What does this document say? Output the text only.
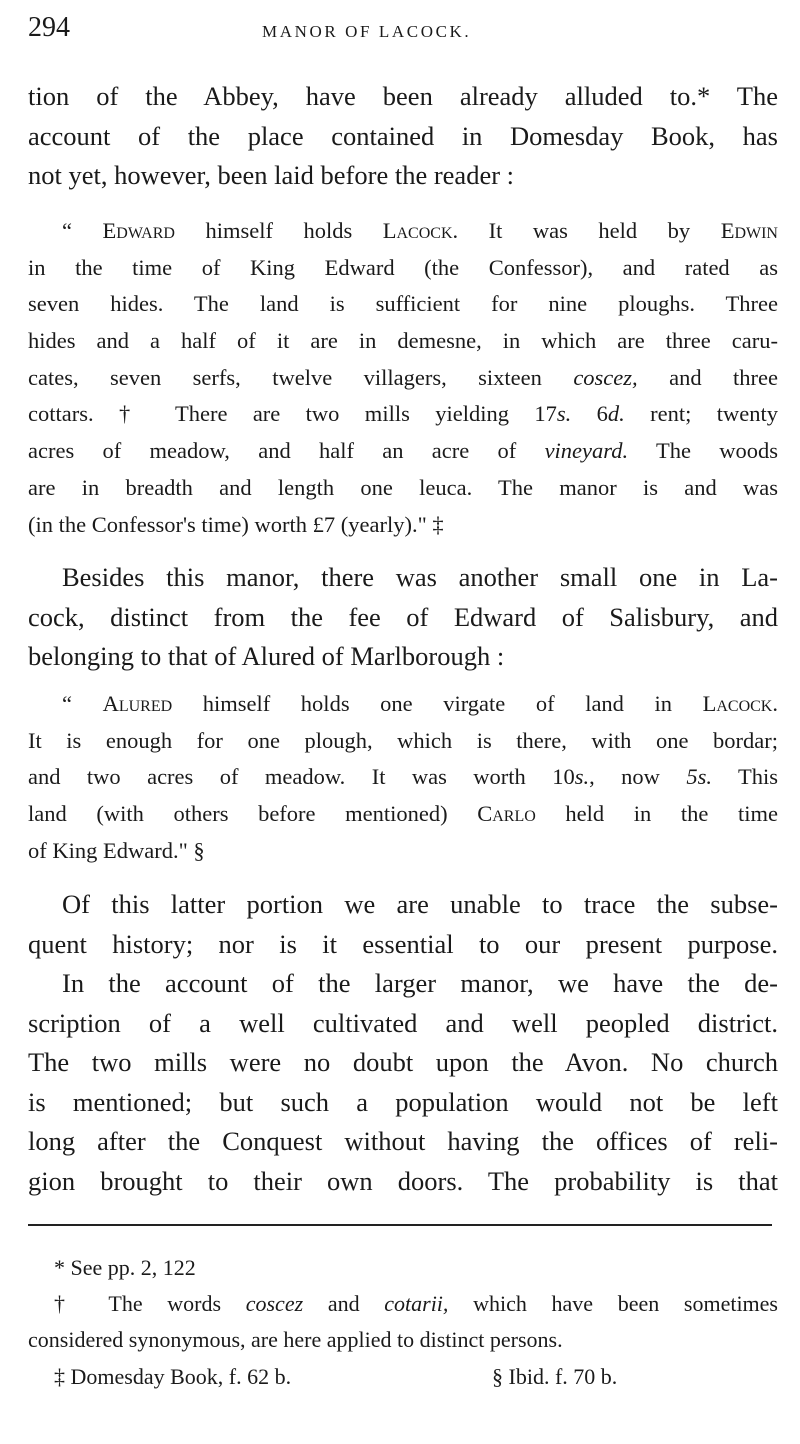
294	MANOR OF LACOCK.
tion of the Abbey, have been already alluded to.* The
account of the place contained in Domesday Book, has
not yet, however, been laid before the reader :
“ Edward himself holds Lacock. It was held by Edwin
in the time of King Edward (the Confessor), and rated as
seven hides. The land is sufficient for nine ploughs. Three
hides and a half of it are in demesne, in which are three caru-
cates, seven serfs, twelve villagers, sixteen coscez, and three
cottars. † There are two mills yielding 17s. 6d. rent; twenty
acres of meadow, and half an acre of vineyard. The woods
are in breadth and length one leuca. The manor is and was
(in the Confessor's time) worth £7 (yearly)." ‡
Besides this manor, there was another small one in La-
cock, distinct from the fee of Edward of Salisbury, and
belonging to that of Alured of Marlborough :
“ Alured himself holds one virgate of land in Lacock.
It is enough for one plough, which is there, with one bordar;
and two acres of meadow. It was worth 10s., now 5s. This
land (with others before mentioned) Carlo held in the time
of King Edward." §
Of this latter portion we are unable to trace the subse-
quent history; nor is it essential to our present purpose.
In the account of the larger manor, we have the de-
scription of a well cultivated and well peopled district.
The two mills were no doubt upon the Avon. No church
is mentioned; but such a population would not be left
long after the Conquest without having the offices of reli-
gion brought to their own doors. The probability is that
* See pp. 2, 122
† The words coscez and cotarii, which have been sometimes
considered synonymous, are here applied to distinct persons.
‡ Domesday Book, f. 62 b.	§ Ibid. f. 70 b.
